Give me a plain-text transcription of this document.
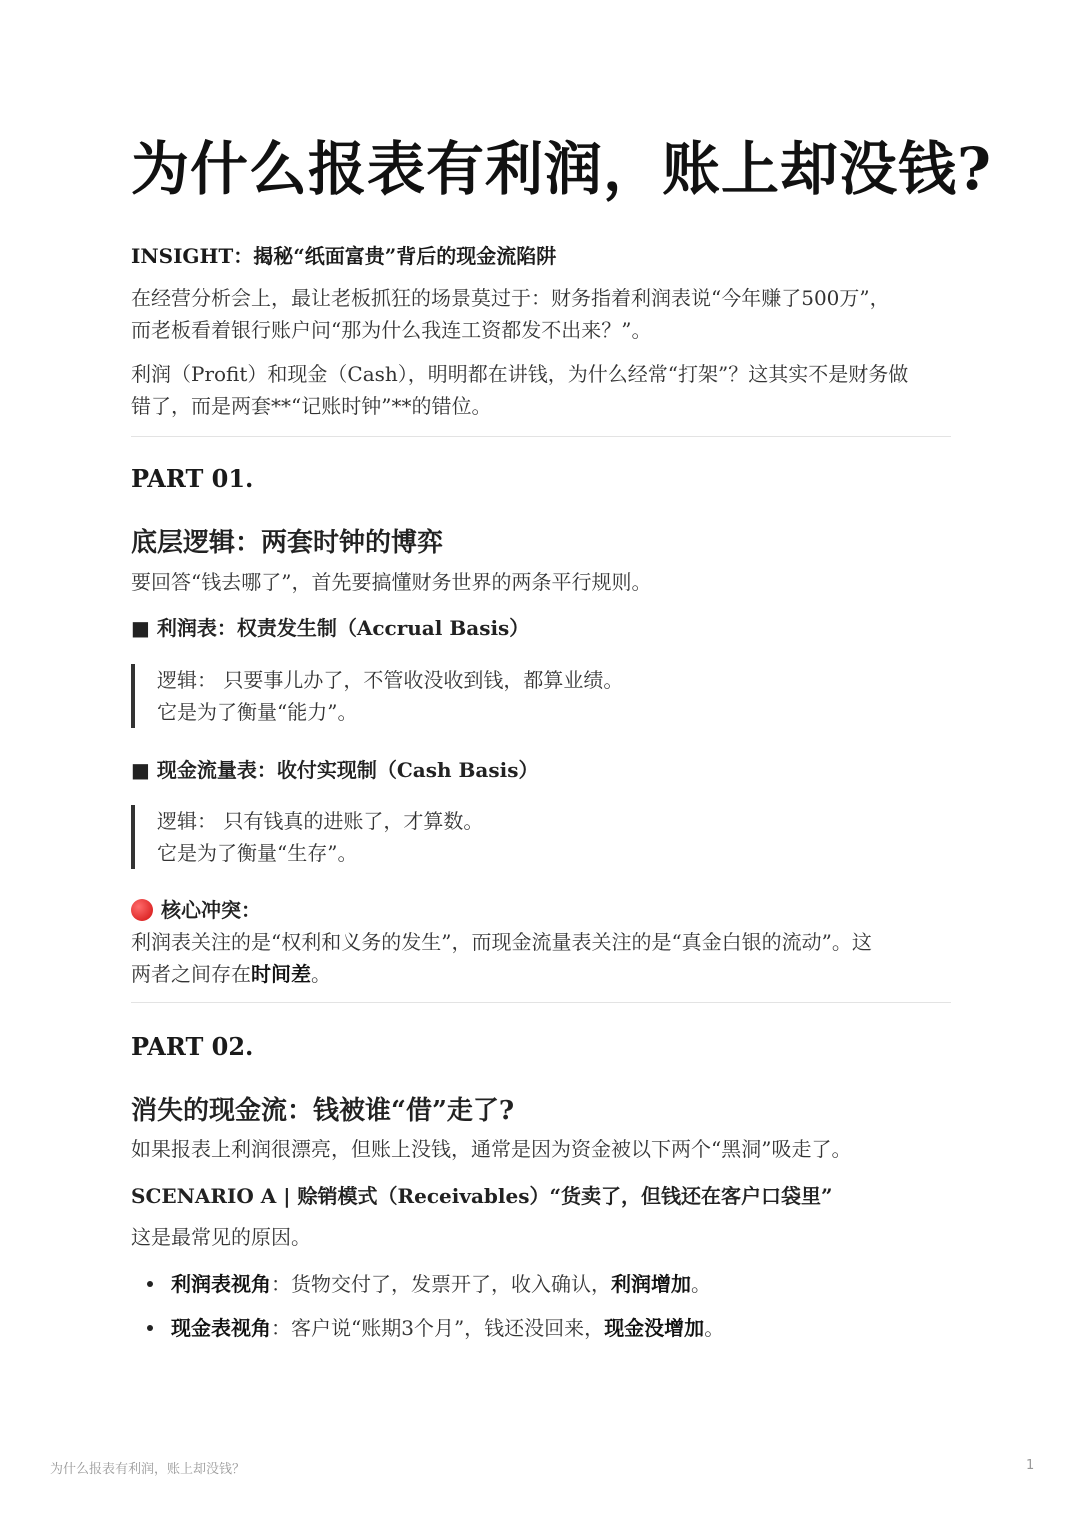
为什么报表有利润，账上却没钱?
INSIGHT：揭秘“纸面富贵”背后的现金流陷阱
在经营分析会上，最让老板抓狂的场景莫过于：财务指着利润表说“今年赚了500万”，
而老板看着银行账户问“那为什么我连工资都发不出来？”。
利润（Profit）和现金（Cash），明明都在讲钱，为什么经常“打架”？这其实不是财务做
错了，而是两套**“记账时钟”**的错位。
PART 01.
底层逻辑：两套时钟的博弈
要回答“钱去哪了”，首先要搞懂财务世界的两条平行规则。
■ 利润表：权责发生制（Accrual Basis）
逻辑： 只要事儿办了，不管收没收到钱，都算业绩。
它是为了衡量“能力”。
■ 现金流量表：收付实现制（Cash Basis）
逻辑： 只有钱真的进账了，才算数。
它是为了衡量“生存”。
核心冲突：
利润表关注的是“权利和义务的发生”，而现金流量表关注的是“真金白银的流动”。这
两者之间存在时间差。
PART 02.
消失的现金流：钱被谁“借”走了?
如果报表上利润很漂亮，但账上没钱，通常是因为资金被以下两个“黑洞”吸走了。
SCENARIO A | 赊销模式（Receivables）“货卖了，但钱还在客户口袋里”
这是最常见的原因。
利润表视角：货物交付了，发票开了，收入确认，利润增加。
现金表视角：客户说“账期3个月”，钱还没回来，现金没增加。
为什么报表有利润，账上却没钱？	1
